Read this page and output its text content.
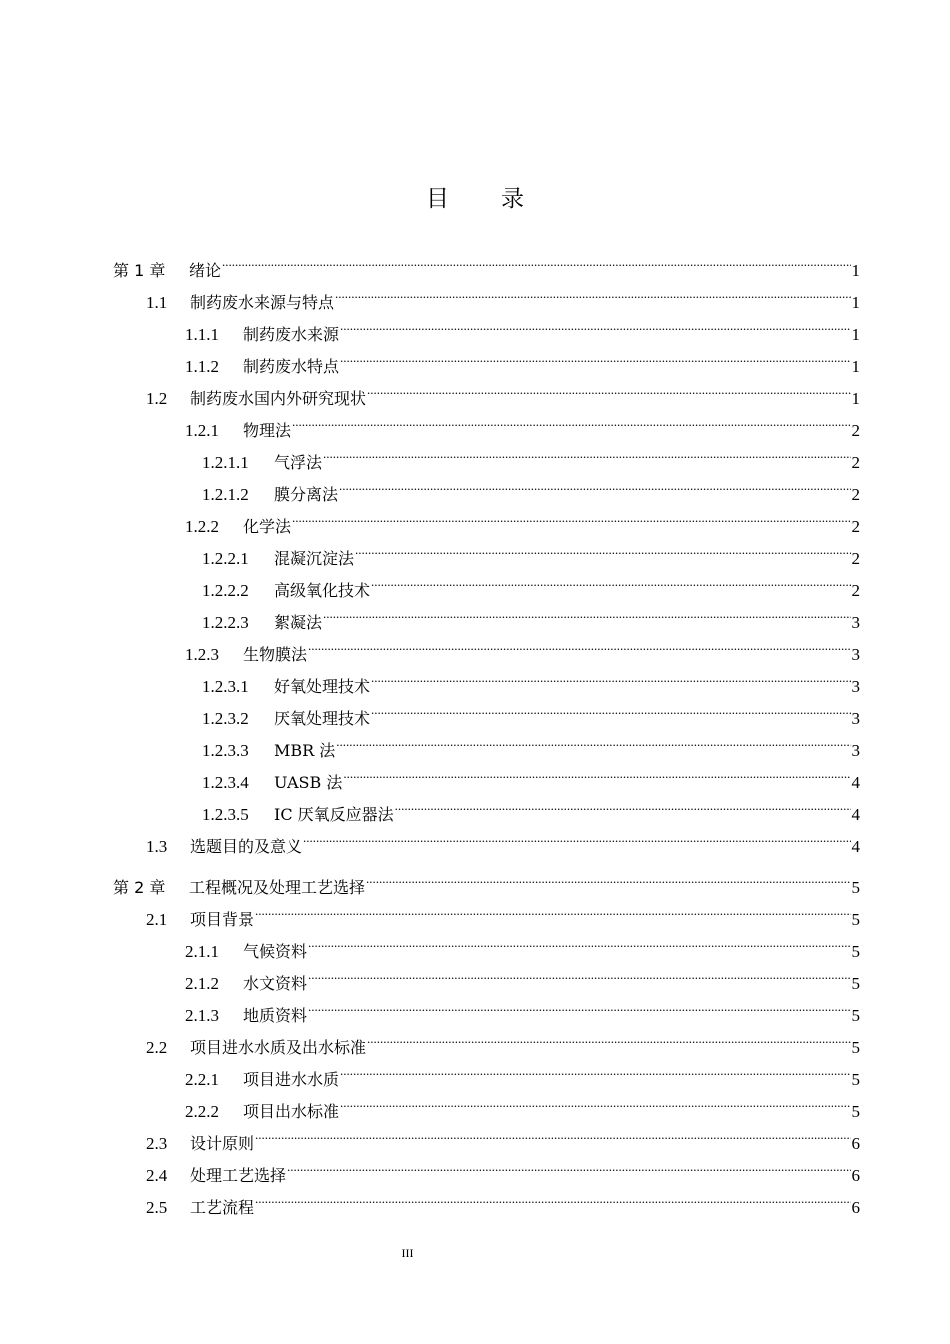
目 录
第 1 章	绪论 .....	1
1.1	制药废水来源与特点 .....	1
1.1.1	制药废水来源 .....	1
1.1.2	制药废水特点 .....	1
1.2	制药废水国内外研究现状 .....	1
1.2.1	物理法 .....	2
1.2.1.1	气浮法 .....	2
1.2.1.2	膜分离法 .....	2
1.2.2	化学法 .....	2
1.2.2.1	混凝沉淀法 .....	2
1.2.2.2	高级氧化技术 .....	2
1.2.2.3	絮凝法 .....	3
1.2.3	生物膜法 .....	3
1.2.3.1	好氧处理技术 .....	3
1.2.3.2	厌氧处理技术 .....	3
1.2.3.3	MBR 法 .....	3
1.2.3.4	UASB 法 .....	4
1.2.3.5	IC 厌氧反应器法 .....	4
1.3	选题目的及意义 .....	4
第 2 章	工程概况及处理工艺选择 .....	5
2.1	项目背景 .....	5
2.1.1	气候资料 .....	5
2.1.2	水文资料 .....	5
2.1.3	地质资料 .....	5
2.2	项目进水水质及出水标准 .....	5
2.2.1	项目进水水质 .....	5
2.2.2	项目出水标准 .....	5
2.3	设计原则 .....	6
2.4	处理工艺选择 .....	6
2.5	工艺流程 .....	6
III
